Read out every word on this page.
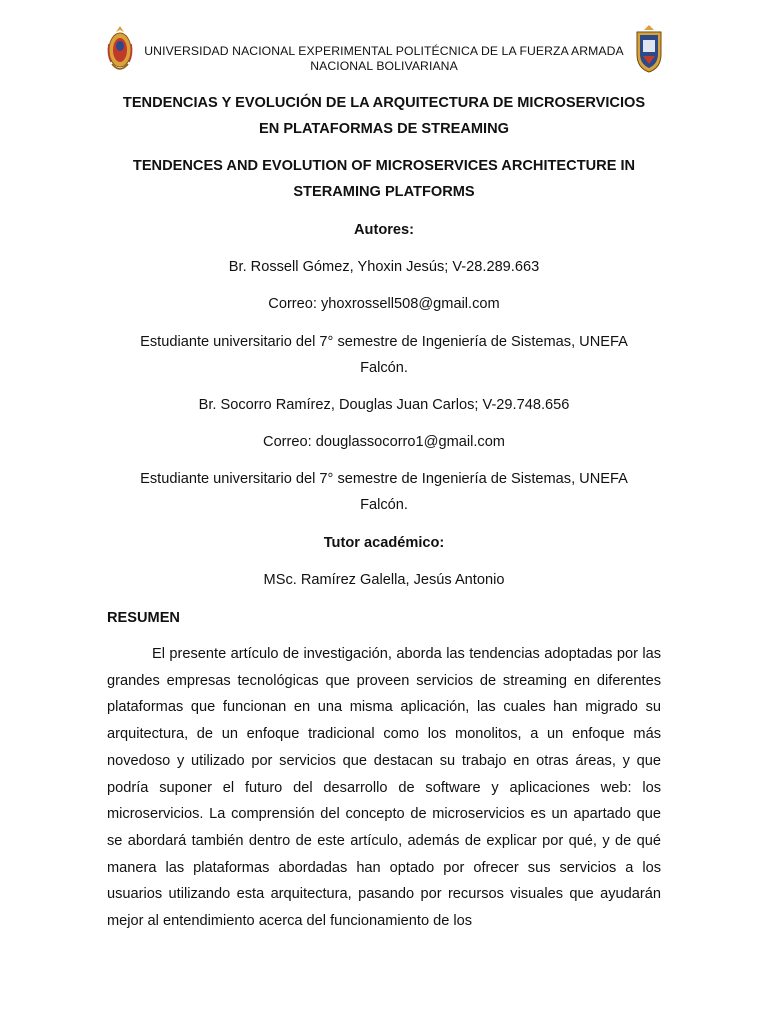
UNIVERSIDAD NACIONAL EXPERIMENTAL POLITÉCNICA DE LA FUERZA ARMADA
NACIONAL BOLIVARIANA
TENDENCIAS Y EVOLUCIÓN DE LA ARQUITECTURA DE MICROSERVICIOS
EN PLATAFORMAS DE STREAMING
TENDENCES AND EVOLUTION OF MICROSERVICES ARCHITECTURE IN
STERAMING PLATFORMS
Autores:
Br. Rossell Gómez, Yhoxin Jesús; V-28.289.663
Correo: yhoxrossell508@gmail.com
Estudiante universitario del 7° semestre de Ingeniería de Sistemas, UNEFA
Falcón.
Br. Socorro Ramírez, Douglas Juan Carlos; V-29.748.656
Correo: douglassocorro1@gmail.com
Estudiante universitario del 7° semestre de Ingeniería de Sistemas, UNEFA
Falcón.
Tutor académico:
MSc. Ramírez Galella, Jesús Antonio
RESUMEN
El presente artículo de investigación, aborda las tendencias adoptadas por las grandes empresas tecnológicas que proveen servicios de streaming en diferentes plataformas que funcionan en una misma aplicación, las cuales han migrado su arquitectura, de un enfoque tradicional como los monolitos, a un enfoque más novedoso y utilizado por servicios que destacan su trabajo en otras áreas, y que podría suponer el futuro del desarrollo de software y aplicaciones web: los microservicios. La comprensión del concepto de microservicios es un apartado que se abordará también dentro de este artículo, además de explicar por qué, y de qué manera las plataformas abordadas han optado por ofrecer sus servicios a los usuarios utilizando esta arquitectura, pasando por recursos visuales que ayudarán mejor al entendimiento acerca del funcionamiento de los
